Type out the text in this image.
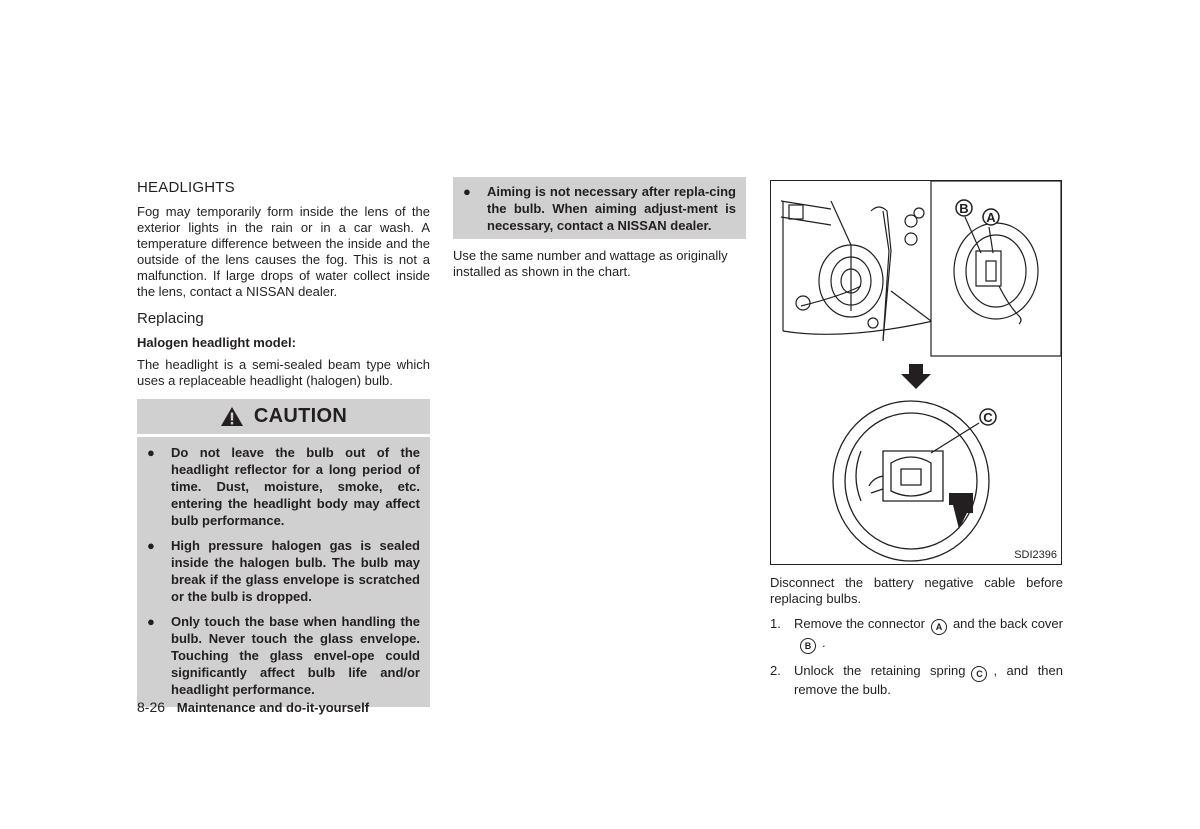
HEADLIGHTS

Fog may temporarily form inside the lens of the exterior lights in the rain or in a car wash. A temperature difference between the inside and the outside of the lens causes the fog. This is not a malfunction. If large drops of water collect inside the lens, contact a NISSAN dealer.

Replacing
Halogen headlight model:

The headlight is a semi-sealed beam type which uses a replaceable headlight (halogen) bulb.

CAUTION
●	Do not leave the bulb out of the headlight reflector for a long period of time. Dust, moisture, smoke, etc. entering the headlight body may affect bulb performance.
●	High pressure halogen gas is sealed inside the halogen bulb. The bulb may break if the glass envelope is scratched or the bulb is dropped.
●	Only touch the base when handling the bulb. Never touch the glass envelope. Touching the glass envel-ope could significantly affect bulb life and/or headlight performance.
●	Aiming is not necessary after repla-cing the bulb. When aiming adjust-ment is necessary, contact a NISSAN dealer.

Use the same number and wattage as originally installed as shown in the chart.

B
A
C
SDI2396

Disconnect the battery negative cable before replacing bulbs.

1.	Remove the connector A and the back coverB .
2.	Unlock the retaining spring C , and then remove the bulb.
8-26 Maintenance and do-it-yourself
